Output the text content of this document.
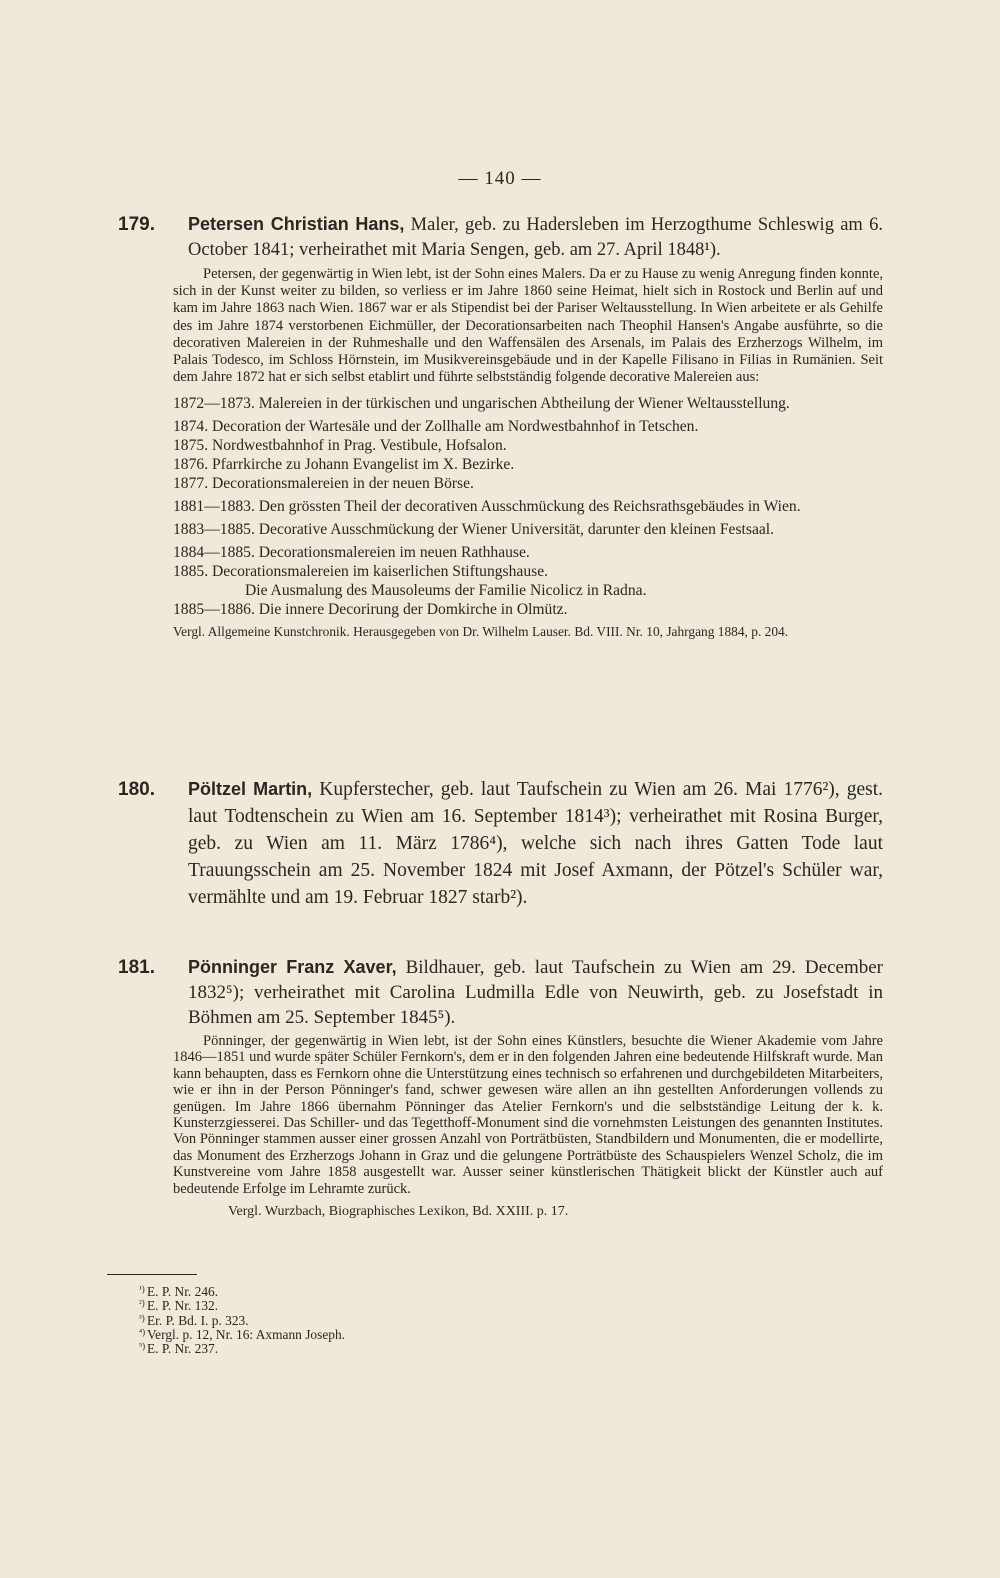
— 140 —
179. Petersen Christian Hans, Maler, geb. zu Hadersleben im Herzogthume Schleswig am 6. October 1841; verheirathet mit Maria Sengen, geb. am 27. April 1848¹).
Petersen, der gegenwärtig in Wien lebt, ist der Sohn eines Malers. Da er zu Hause zu wenig Anregung finden konnte, sich in der Kunst weiter zu bilden, so verliess er im Jahre 1860 seine Heimat, hielt sich in Rostock und Berlin auf und kam im Jahre 1863 nach Wien. 1867 war er als Stipendist bei der Pariser Weltausstellung. In Wien arbeitete er als Gehilfe des im Jahre 1874 verstorbenen Eichmüller, der Decorationsarbeiten nach Theophil Hansen's Angabe ausführte, so die decorativen Malereien in der Ruhmeshalle und den Waffensälen des Arsenals, im Palais des Erzherzogs Wilhelm, im Palais Todesco, im Schloss Hörnstein, im Musikvereinsgebäude und in der Kapelle Filisano in Filias in Rumänien. Seit dem Jahre 1872 hat er sich selbst etablirt und führte selbstständig folgende decorative Malereien aus:
1872—1873. Malereien in der türkischen und ungarischen Abtheilung der Wiener Weltausstellung.
1874. Decoration der Wartesäle und der Zollhalle am Nordwestbahnhof in Tetschen.
1875. Nordwestbahnhof in Prag. Vestibule, Hofsalon.
1876. Pfarrkirche zu Johann Evangelist im X. Bezirke.
1877. Decorationsmalereien in der neuen Börse.
1881—1883. Den grössten Theil der decorativen Ausschmückung des Reichsrathsgebäudes in Wien.
1883—1885. Decorative Ausschmückung der Wiener Universität, darunter den kleinen Festsaal.
1884—1885. Decorationsmalereien im neuen Rathhause.
1885. Decorationsmalereien im kaiserlichen Stiftungshause.
Die Ausmalung des Mausoleums der Familie Nicolicz in Radna.
1885—1886. Die innere Decorirung der Domkirche in Olmütz.
Vergl. Allgemeine Kunstchronik. Herausgegeben von Dr. Wilhelm Lauser. Bd. VIII. Nr. 10, Jahrgang 1884, p. 204.
180. Pöltzel Martin, Kupferstecher, geb. laut Taufschein zu Wien am 26. Mai 1776²), gest. laut Todtenschein zu Wien am 16. September 1814³); verheirathet mit Rosina Burger, geb. zu Wien am 11. März 1786⁴), welche sich nach ihres Gatten Tode laut Trauungsschein am 25. November 1824 mit Josef Axmann, der Pötzel's Schüler war, vermählte und am 19. Februar 1827 starb²).
181. Pönninger Franz Xaver, Bildhauer, geb. laut Taufschein zu Wien am 29. December 1832⁵); verheirathet mit Carolina Ludmilla Edle von Neuwirth, geb. zu Josefstadt in Böhmen am 25. September 1845⁵).
Pönninger, der gegenwärtig in Wien lebt, ist der Sohn eines Künstlers, besuchte die Wiener Akademie vom Jahre 1846—1851 und wurde später Schüler Fernkorn's, dem er in den folgenden Jahren eine bedeutende Hilfskraft wurde. Man kann behaupten, dass es Fernkorn ohne die Unterstützung eines technisch so erfahrenen und durchgebildeten Mitarbeiters, wie er ihn in der Person Pönninger's fand, schwer gewesen wäre allen an ihn gestellten Anforderungen vollends zu genügen. Im Jahre 1866 übernahm Pönninger das Atelier Fernkorn's und die selbstständige Leitung der k. k. Kunsterzgiesserei. Das Schiller- und das Tegetthoff-Monument sind die vornehmsten Leistungen des genannten Institutes. Von Pönninger stammen ausser einer grossen Anzahl von Porträtbüsten, Standbildern und Monumenten, die er modellirte, das Monument des Erzherzogs Johann in Graz und die gelungene Porträtbüste des Schauspielers Wenzel Scholz, die im Kunstvereine vom Jahre 1858 ausgestellt war. Ausser seiner künstlerischen Thätigkeit blickt der Künstler auch auf bedeutende Erfolge im Lehramte zurück.
Vergl. Wurzbach, Biographisches Lexikon, Bd. XXIII. p. 17.
¹) E. P. Nr. 246.
²) E. P. Nr. 132.
³) Er. P. Bd. I. p. 323.
⁴) Vergl. p. 12, Nr. 16: Axmann Joseph.
⁵) E. P. Nr. 237.
